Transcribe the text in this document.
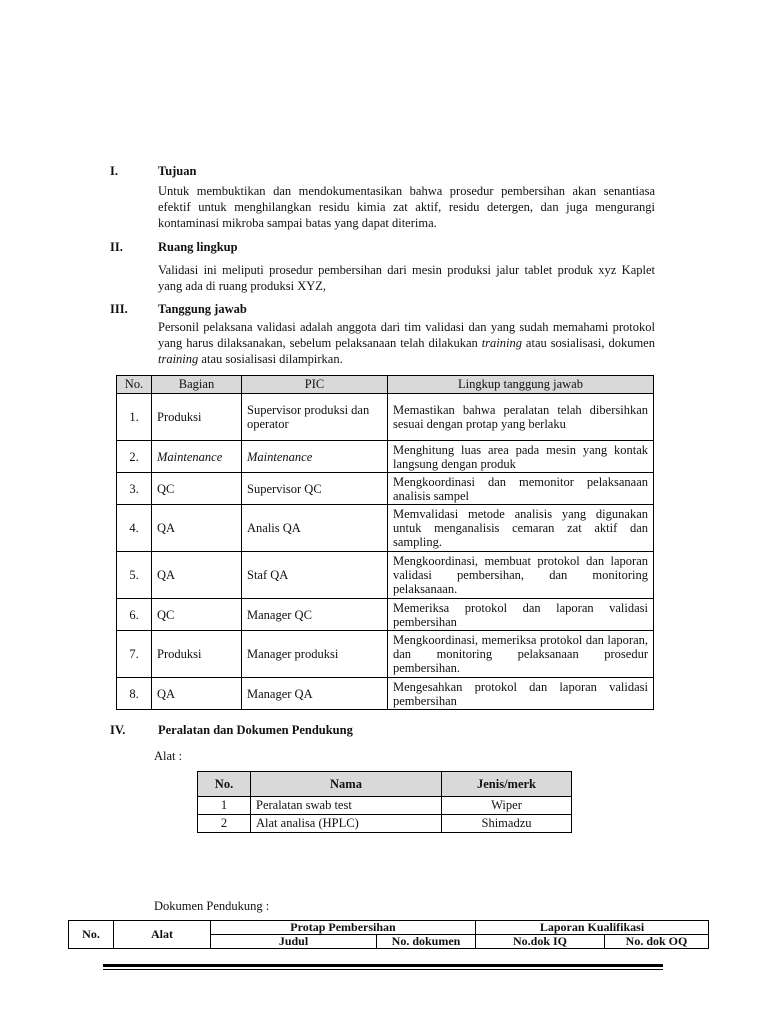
I.	Tujuan
Untuk membuktikan dan mendokumentasikan bahwa prosedur pembersihan akan senantiasa efektif untuk menghilangkan residu kimia zat aktif, residu detergen, dan juga mengurangi kontaminasi mikroba sampai batas yang dapat diterima.
II.	Ruang lingkup
Validasi ini meliputi prosedur pembersihan dari mesin produksi jalur tablet produk xyz Kaplet yang ada di ruang produksi XYZ,
III. Tanggung jawab
Personil pelaksana validasi adalah anggota dari tim validasi dan yang sudah memahami protokol yang harus dilaksanakan, sebelum pelaksanaan telah dilakukan training atau sosialisasi, dokumen training atau sosialisasi dilampirkan.
No.	Bagian	PIC	Lingkup tanggung jawab
1.	Produksi	Supervisor produksi dan operator	Memastikan bahwa peralatan telah dibersihkan sesuai dengan protap yang berlaku
2.	Maintenance	Maintenance	Menghitung luas area pada mesin yang kontak langsung dengan produk
3.	QC	Supervisor QC	Mengkoordinasi dan memonitor pelaksanaan analisis sampel
4.	QA	Analis QA	Memvalidasi metode analisis yang digunakan untuk menganalisis cemaran zat aktif dan sampling.
5.	QA	Staf QA	Mengkoordinasi, membuat protokol dan laporan validasi pembersihan, dan monitoring pelaksanaan.
6.	QC	Manager QC	Memeriksa protokol dan laporan validasi pembersihan
7.	Produksi	Manager produksi	Mengkoordinasi, memeriksa protokol dan laporan, dan monitoring pelaksanaan prosedur pembersihan.
8.	QA	Manager QA	Mengesahkan protokol dan laporan validasi pembersihan
IV.	Peralatan dan Dokumen Pendukung
Alat :
No.	Nama	Jenis/merk
1	Peralatan swab test	Wiper
2	Alat analisa (HPLC)	Shimadzu
Dokumen Pendukung :
No.	Alat	Protap Pembersihan		Laporan Kualifikasi	
		Judul	No. dokumen	No.dok IQ	No. dok OQ
